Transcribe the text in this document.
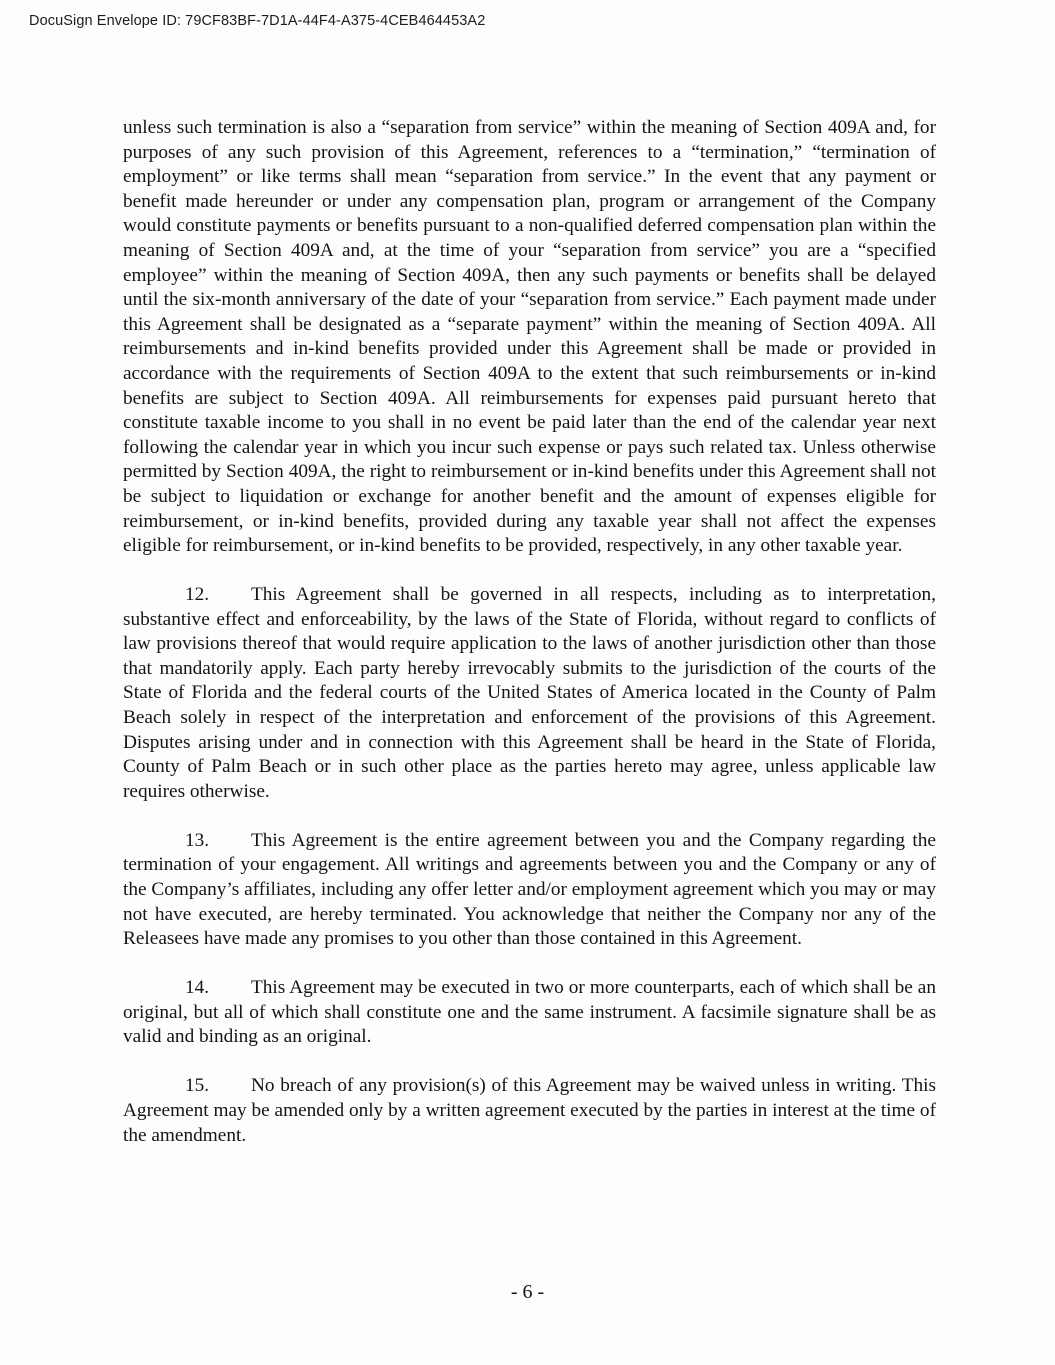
DocuSign Envelope ID: 79CF83BF-7D1A-44F4-A375-4CEB464453A2

unless such termination is also a “separation from service” within the meaning of Section 409A and, for purposes of any such provision of this Agreement, references to a “termination,” “termination of employment” or like terms shall mean “separation from service.” In the event that any payment or benefit made hereunder or under any compensation plan, program or arrangement of the Company would constitute payments or benefits pursuant to a non-qualified deferred compensation plan within the meaning of Section 409A and, at the time of your “separation from service” you are a “specified employee” within the meaning of Section 409A, then any such payments or benefits shall be delayed until the six-month anniversary of the date of your “separation from service.” Each payment made under this Agreement shall be designated as a “separate payment” within the meaning of Section 409A. All reimbursements and in-kind benefits provided under this Agreement shall be made or provided in accordance with the requirements of Section 409A to the extent that such reimbursements or in-kind benefits are subject to Section 409A. All reimbursements for expenses paid pursuant hereto that constitute taxable income to you shall in no event be paid later than the end of the calendar year next following the calendar year in which you incur such expense or pays such related tax. Unless otherwise permitted by Section 409A, the right to reimbursement or in-kind benefits under this Agreement shall not be subject to liquidation or exchange for another benefit and the amount of expenses eligible for reimbursement, or in-kind benefits, provided during any taxable year shall not affect the expenses eligible for reimbursement, or in-kind benefits to be provided, respectively, in any other taxable year.

12. This Agreement shall be governed in all respects, including as to interpretation, substantive effect and enforceability, by the laws of the State of Florida, without regard to conflicts of law provisions thereof that would require application to the laws of another jurisdiction other than those that mandatorily apply. Each party hereby irrevocably submits to the jurisdiction of the courts of the State of Florida and the federal courts of the United States of America located in the County of Palm Beach solely in respect of the interpretation and enforcement of the provisions of this Agreement. Disputes arising under and in connection with this Agreement shall be heard in the State of Florida, County of Palm Beach or in such other place as the parties hereto may agree, unless applicable law requires otherwise.

13. This Agreement is the entire agreement between you and the Company regarding the termination of your engagement. All writings and agreements between you and the Company or any of the Company’s affiliates, including any offer letter and/or employment agreement which you may or may not have executed, are hereby terminated. You acknowledge that neither the Company nor any of the Releasees have made any promises to you other than those contained in this Agreement.

14. This Agreement may be executed in two or more counterparts, each of which shall be an original, but all of which shall constitute one and the same instrument. A facsimile signature shall be as valid and binding as an original.

15. No breach of any provision(s) of this Agreement may be waived unless in writing. This Agreement may be amended only by a written agreement executed by the parties in interest at the time of the amendment.

- 6 -
